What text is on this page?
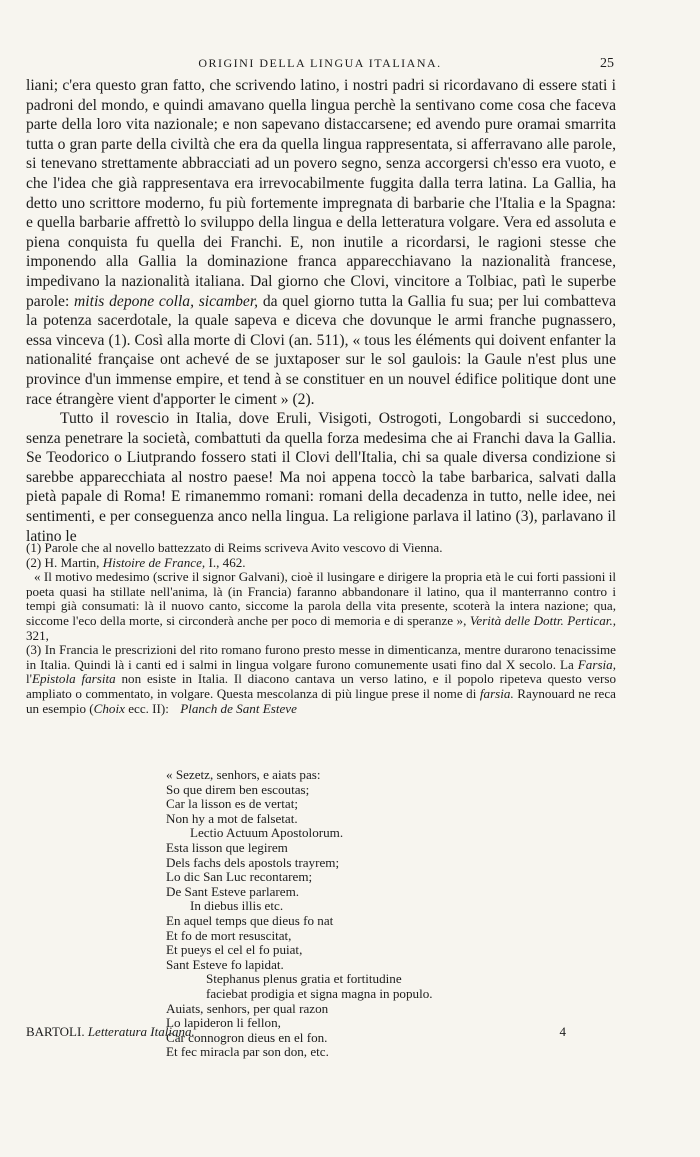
ORIGINI DELLA LINGUA ITALIANA.	25

liani; c'era questo gran fatto, che scrivendo latino, i nostri padri si ricordavano di essere stati i padroni del mondo, e quindi amavano quella lingua perchè la sentivano come cosa che faceva parte della loro vita nazionale; e non sapevano distaccarsene; ed avendo pure oramai smarrita tutta o gran parte della civiltà che era da quella lingua rappresentata, si afferravano alle parole, si tenevano strettamente abbracciati ad un povero segno, senza accorgersi ch'esso era vuoto, e che l'idea che già rappresentava era irrevocabilmente fuggita dalla terra latina. La Gallia, ha detto uno scrittore moderno, fu più fortemente impregnata di barbarie che l'Italia e la Spagna: e quella barbarie affrettò lo sviluppo della lingua e della letteratura volgare. Vera ed assoluta e piena conquista fu quella dei Franchi. E, non inutile a ricordarsi, le ragioni stesse che imponendo alla Gallia la dominazione franca apparecchiavano la nazionalità francese, impedivano la nazionalità italiana. Dal giorno che Clovi, vincitore a Tolbiac, patì le superbe parole: mitis depone colla, sicamber, da quel giorno tutta la Gallia fu sua; per lui combatteva la potenza sacerdotale, la quale sapeva e diceva che dovunque le armi franche pugnassero, essa vinceva (1). Così alla morte di Clovi (an. 511), « tous les éléments qui doivent enfanter la nationalité française ont achevé de se juxtaposer sur le sol gaulois: la Gaule n'est plus une province d'un immense empire, et tend à se constituer en un nouvel édifice politique dont une race étrangère vient d'apporter le ciment » (2).

Tutto il rovescio in Italia, dove Eruli, Visigoti, Ostrogoti, Longobardi si succedono, senza penetrare la società, combattuti da quella forza medesima che ai Franchi dava la Gallia. Se Teodorico o Liutprando fossero stati il Clovi dell'Italia, chi sa quale diversa condizione si sarebbe apparecchiata al nostro paese! Ma noi appena toccò la tabe barbarica, salvati dalla pietà papale di Roma! E rimanemmo romani: romani della decadenza in tutto, nelle idee, nei sentimenti, e per conseguenza anco nella lingua. La religione parlava il latino (3), parlavano il latino le

(1) Parole che al novello battezzato di Reims scriveva Avito vescovo di Vienna.

(2) H. Martin, Histoire de France, I., 462.

« Il motivo medesimo (scrive il signor Galvani), cioè il lusingare e dirigere la propria età le cui forti passioni il poeta quasi ha stillate nell'anima, là (in Francia) faranno abbandonare il latino, qua il manterranno contro i tempi già consumati: là il nuovo canto, siccome la parola della vita presente, scoterà la intera nazione; qua, siccome l'eco della morte, si circonderà anche per poco di memoria e di speranze », Verità delle Dottr. Perticar., 321,

(3) In Francia le prescrizioni del rito romano furono presto messe in dimenticanza, mentre durarono tenacissime in Italia. Quindi là i canti ed i salmi in lingua volgare furono comunemente usati fino dal X secolo. La Farsia, l'Epistola farsita non esiste in Italia. Il diacono cantava un verso latino, e il popolo ripeteva questo verso ampliato o commentato, in volgare. Questa mescolanza di più lingue prese il nome di farsia. Raynouard ne reca un esempio (Choix ecc. II): Planch de Sant Esteve

« Sezetz, senhors, e aiats pas:
So que direm ben escoutas;
Car la lisson es de vertat;
Non hy a mot de falsetat.
Lectio Actuum Apostolorum.
Esta lisson que legirem
Dels fachs dels apostols trayrem;
Lo dic San Luc recontarem;
De Sant Esteve parlarem.
In diebus illis etc.
En aquel temps que dieus fo nat
Et fo de mort resuscitat,
Et pueys el cel el fo puiat,
Sant Esteve fo lapidat.
Stephanus plenus gratia et fortitudine
faciebat prodigia et signa magna in populo.
Auiats, senhors, per qual razon
Lo lapideron li fellon,
Car connogron dieus en el fon.
Et fec miracla par son don, etc.
BARTOLI. Letteratura Italiana.	4
